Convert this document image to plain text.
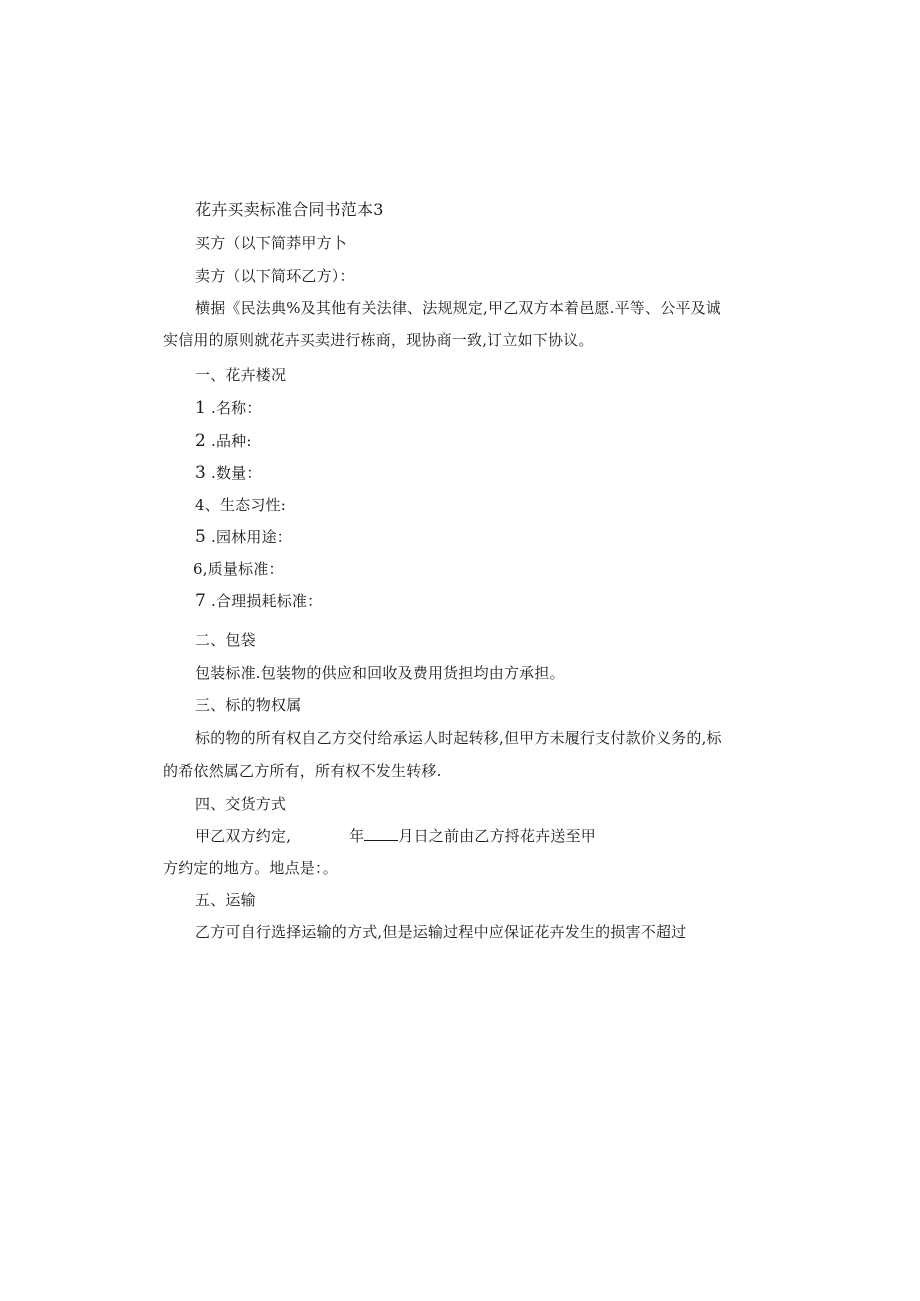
花卉买卖标准合同书范本3
买方（以下简莽甲方卜
卖方（以下简环乙方）：
横据《民法典%及其他有关法律、法规规定,甲乙双方本着邑愿.平等、公平及诚
实信用的原则就花卉买卖进行栋商，现协商一致,订立如下协议。
一、花卉楼况
1 .名称：
2 .品种:
3 .数量：
4、生态习性:
5 .园林用途：
6,质量标准：
7 .合理损耗标准：
二、包袋
包装标准.包装物的供应和回收及费用货担均由方承担。
三、标的物权属
标的物的所有权自乙方交付给承运人时起转移,但甲方未履行支付款价义务的,标
的希依然属乙方所有，所有权不发生转移.
四、交货方式
甲乙双方约定,	年 月日之前由乙方捋花卉送至甲
方约定的地方。地点是：。
五、运输
乙方可自行选择运输的方式,但是运输过程中应保证花卉发生的损害不超过
